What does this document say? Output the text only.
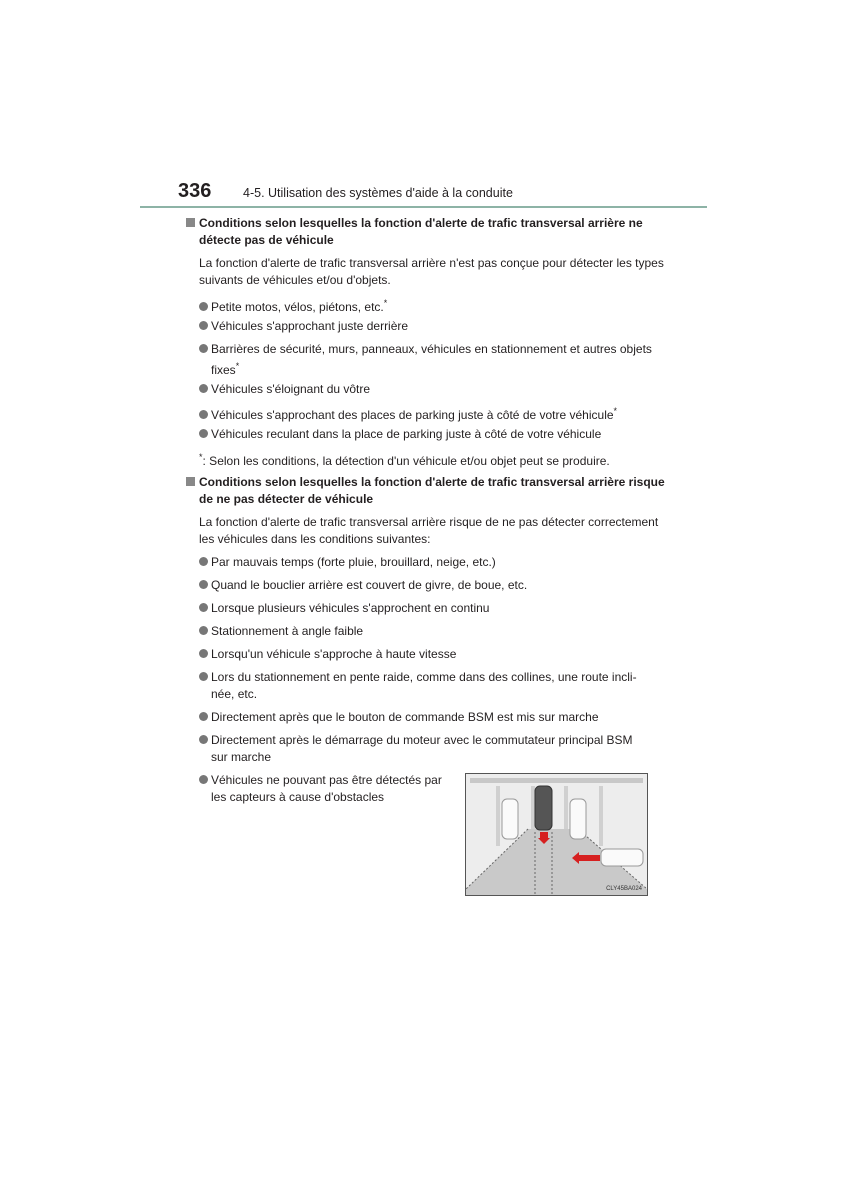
336	4-5. Utilisation des systèmes d'aide à la conduite
Conditions selon lesquelles la fonction d'alerte de trafic transversal arrière ne
détecte pas de véhicule
La fonction d'alerte de trafic transversal arrière n'est pas conçue pour détecter les types suivants de véhicules et/ou d'objets.
Petite motos, vélos, piétons, etc.*
Véhicules s'approchant juste derrière
Barrières de sécurité, murs, panneaux, véhicules en stationnement et autres objets
fixes*
Véhicules s'éloignant du vôtre
Véhicules s'approchant des places de parking juste à côté de votre véhicule*
Véhicules reculant dans la place de parking juste à côté de votre véhicule
*: Selon les conditions, la détection d'un véhicule et/ou objet peut se produire.
Conditions selon lesquelles la fonction d'alerte de trafic transversal arrière risque
de ne pas détecter de véhicule
La fonction d'alerte de trafic transversal arrière risque de ne pas détecter correctement les véhicules dans les conditions suivantes:
Par mauvais temps (forte pluie, brouillard, neige, etc.)
Quand le bouclier arrière est couvert de givre, de boue, etc.
Lorsque plusieurs véhicules s'approchent en continu
Stationnement à angle faible
Lorsqu'un véhicule s'approche à haute vitesse
Lors du stationnement en pente raide, comme dans des collines, une route incli-
née, etc.
Directement après que le bouton de commande BSM est mis sur marche
Directement après le démarrage du moteur avec le commutateur principal BSM
sur marche
Véhicules ne pouvant pas être détectés par
les capteurs à cause d'obstacles
CLY45BA024
